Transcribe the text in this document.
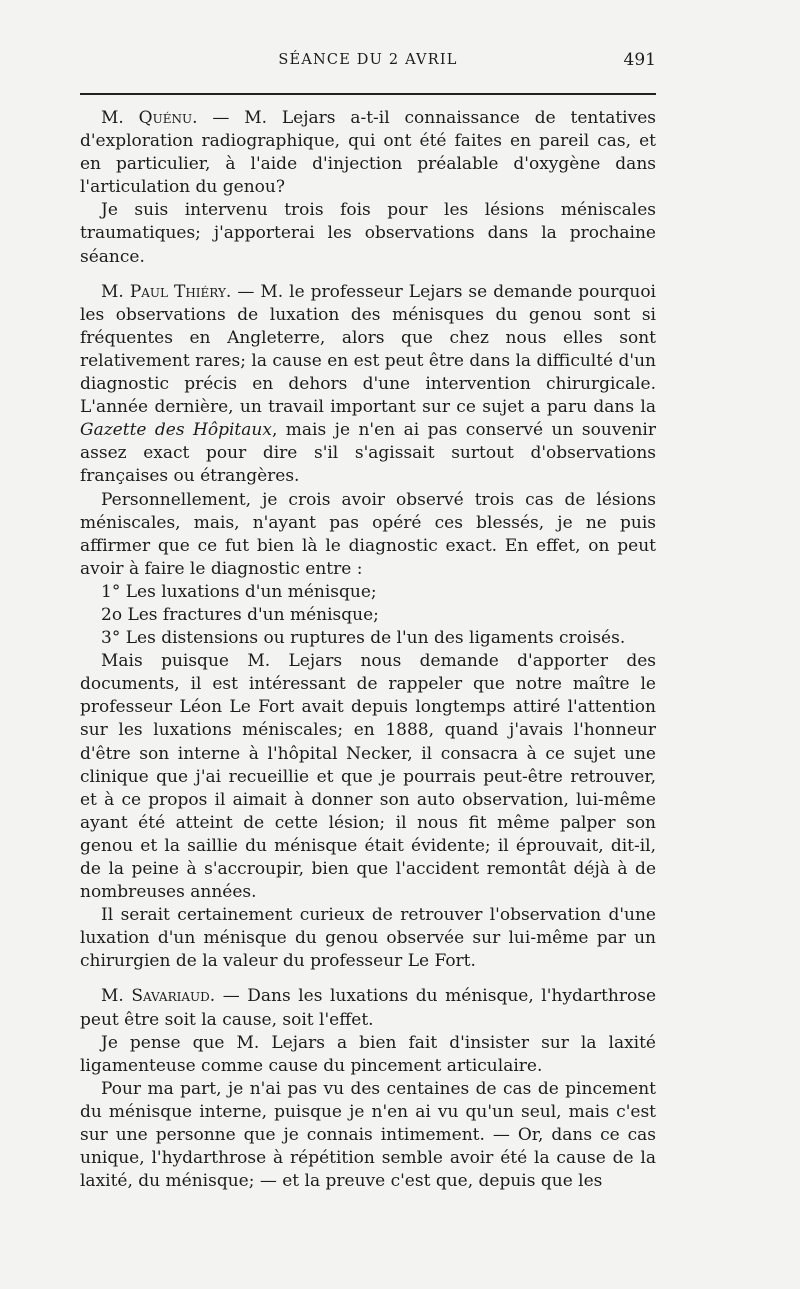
SÉANCE DU 2 AVRIL	491

M. Quénu. — M. Lejars a-t-il connaissance de tentatives d'exploration radiographique, qui ont été faites en pareil cas, et en particulier, à l'aide d'injection préalable d'oxygène dans l'articulation du genou?

Je suis intervenu trois fois pour les lésions méniscales traumatiques; j'apporterai les observations dans la prochaine séance.

M. Paul Thiéry. — M. le professeur Lejars se demande pourquoi les observations de luxation des ménisques du genou sont si fréquentes en Angleterre, alors que chez nous elles sont relativement rares; la cause en est peut être dans la difficulté d'un diagnostic précis en dehors d'une intervention chirurgicale. L'année dernière, un travail important sur ce sujet a paru dans la Gazette des Hôpitaux, mais je n'en ai pas conservé un souvenir assez exact pour dire s'il s'agissait surtout d'observations françaises ou étrangères.

Personnellement, je crois avoir observé trois cas de lésions méniscales, mais, n'ayant pas opéré ces blessés, je ne puis affirmer que ce fut bien là le diagnostic exact. En effet, on peut avoir à faire le diagnostic entre :

1° Les luxations d'un ménisque;
2o Les fractures d'un ménisque;
3° Les distensions ou ruptures de l'un des ligaments croisés.

Mais puisque M. Lejars nous demande d'apporter des documents, il est intéressant de rappeler que notre maître le professeur Léon Le Fort avait depuis longtemps attiré l'attention sur les luxations méniscales; en 1888, quand j'avais l'honneur d'être son interne à l'hôpital Necker, il consacra à ce sujet une clinique que j'ai recueillie et que je pourrais peut-être retrouver, et à ce propos il aimait à donner son auto observation, lui-même ayant été atteint de cette lésion; il nous fit même palper son genou et la saillie du ménisque était évidente; il éprouvait, dit-il, de la peine à s'accroupir, bien que l'accident remontât déjà à de nombreuses années.

Il serait certainement curieux de retrouver l'observation d'une luxation d'un ménisque du genou observée sur lui-même par un chirurgien de la valeur du professeur Le Fort.

M. Savariaud. — Dans les luxations du ménisque, l'hydarthrose peut être soit la cause, soit l'effet.

Je pense que M. Lejars a bien fait d'insister sur la laxité ligamenteuse comme cause du pincement articulaire.

Pour ma part, je n'ai pas vu des centaines de cas de pincement du ménisque interne, puisque je n'en ai vu qu'un seul, mais c'est sur une personne que je connais intimement. — Or, dans ce cas unique, l'hydarthrose à répétition semble avoir été la cause de la laxité, du ménisque; — et la preuve c'est que, depuis que les
